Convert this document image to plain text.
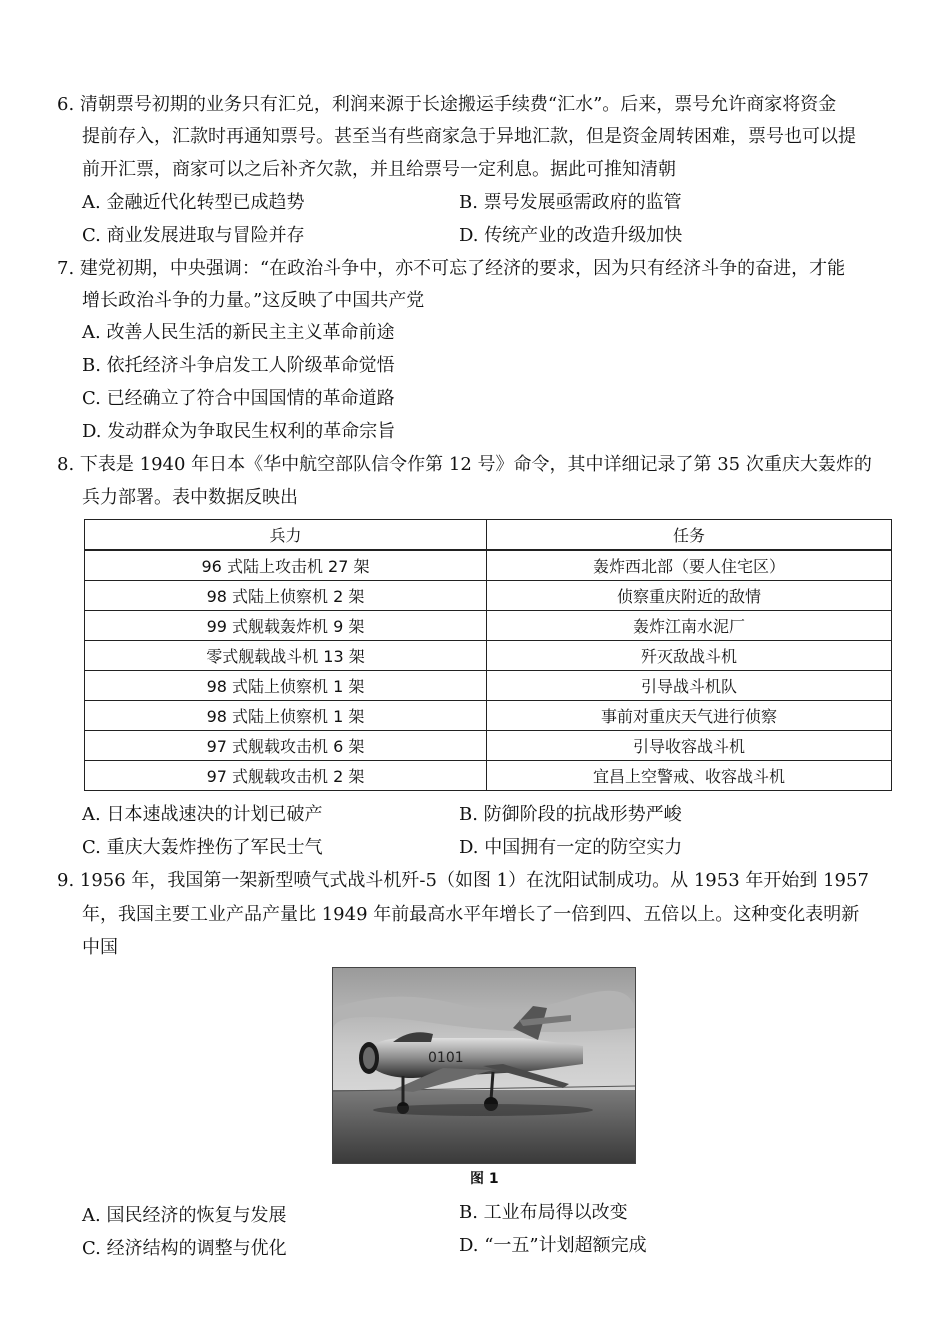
6. 清朝票号初期的业务只有汇兑，利润来源于长途搬运手续费“汇水”。后来，票号允许商家将资金
提前存入，汇款时再通知票号。甚至当有些商家急于异地汇款，但是资金周转困难，票号也可以提
前开汇票，商家可以之后补齐欠款，并且给票号一定利息。据此可推知清朝
A. 金融近代化转型已成趋势	B. 票号发展亟需政府的监管
C. 商业发展进取与冒险并存	D. 传统产业的改造升级加快
7. 建党初期，中央强调：“在政治斗争中，亦不可忘了经济的要求，因为只有经济斗争的奋进，才能
增长政治斗争的力量。”这反映了中国共产党
A. 改善人民生活的新民主主义革命前途
B. 依托经济斗争启发工人阶级革命觉悟
C. 已经确立了符合中国国情的革命道路
D. 发动群众为争取民生权利的革命宗旨
8. 下表是 1940 年日本《华中航空部队信令作第 12 号》命令，其中详细记录了第 35 次重庆大轰炸的
兵力部署。表中数据反映出
兵力	任务
96 式陆上攻击机 27 架	轰炸西北部（要人住宅区）
98 式陆上侦察机 2 架	侦察重庆附近的敌情
99 式舰载轰炸机 9 架	轰炸江南水泥厂
零式舰载战斗机 13 架	歼灭敌战斗机
98 式陆上侦察机 1 架	引导战斗机队
98 式陆上侦察机 1 架	事前对重庆天气进行侦察
97 式舰载攻击机 6 架	引导收容战斗机
97 式舰载攻击机 2 架	宜昌上空警戒、收容战斗机
A. 日本速战速决的计划已破产	B. 防御阶段的抗战形势严峻
C. 重庆大轰炸挫伤了军民士气	D. 中国拥有一定的防空实力
9. 1956 年，我国第一架新型喷气式战斗机歼-5（如图 1）在沈阳试制成功。从 1953 年开始到 1957
年，我国主要工业产品产量比 1949 年前最高水平年增长了一倍到四、五倍以上。这种变化表明新
中国
0101
图 1
A. 国民经济的恢复与发展	B. 工业布局得以改变
C. 经济结构的调整与优化	D. “一五”计划超额完成
